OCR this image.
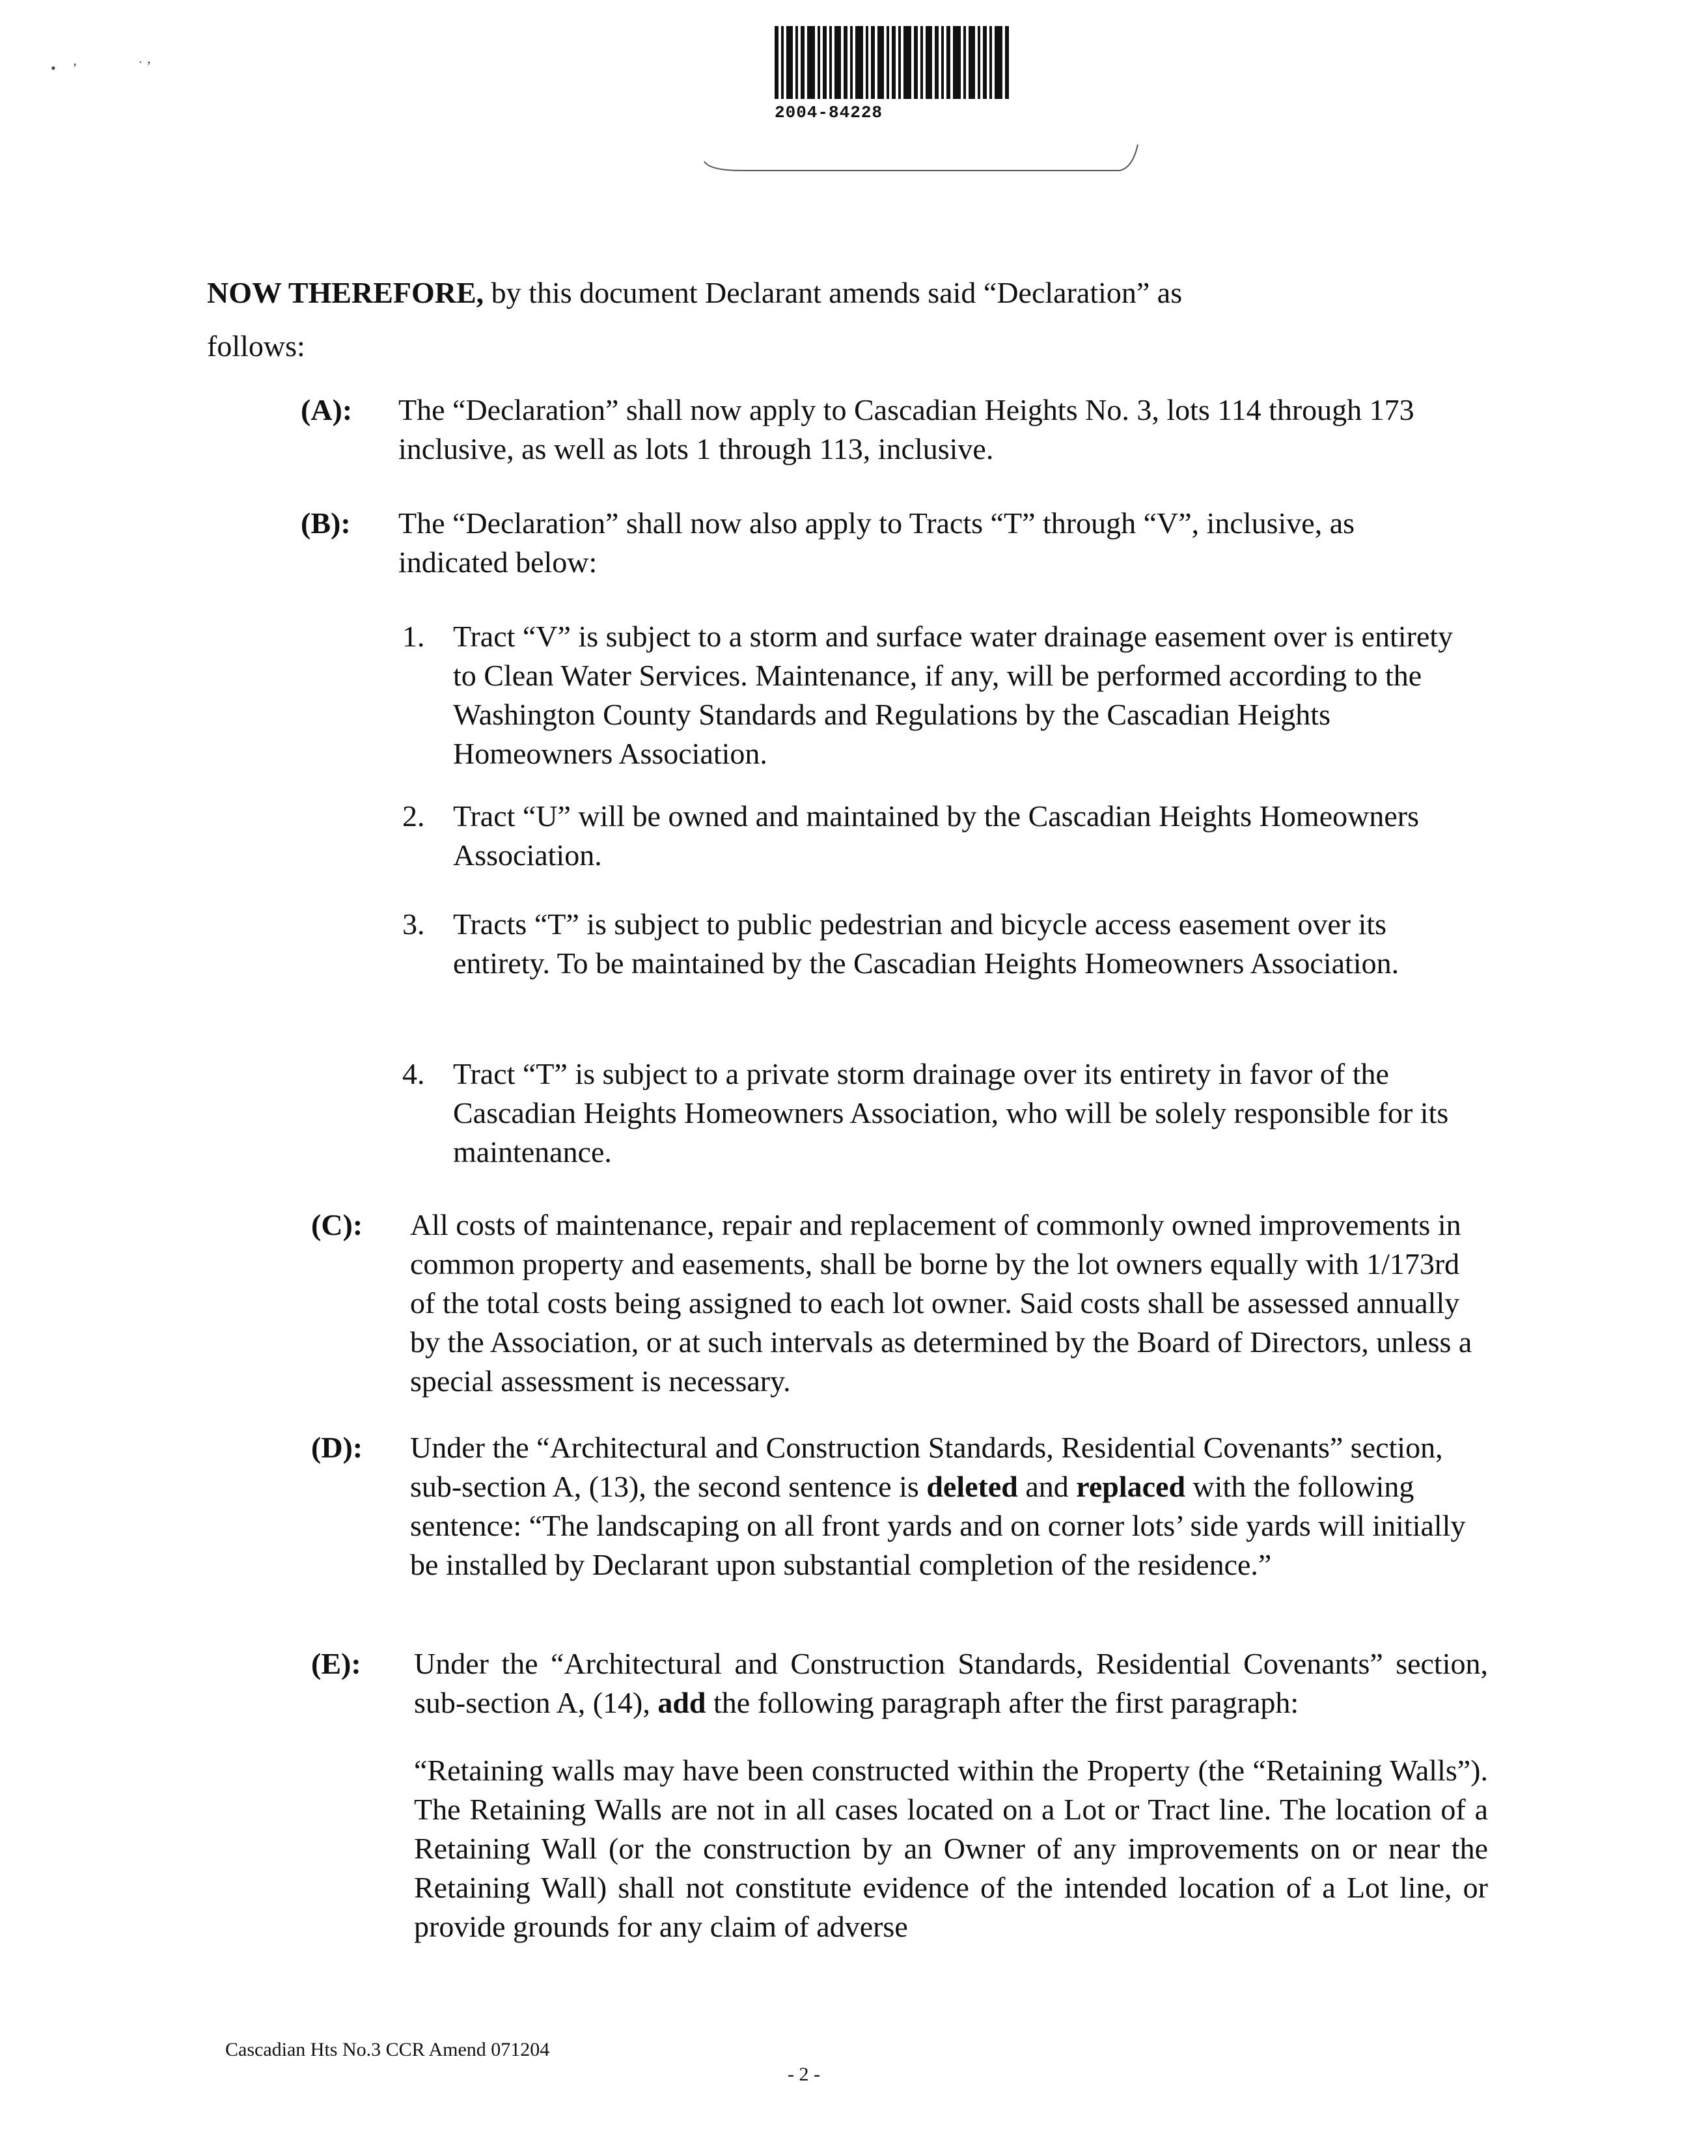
• ’	˙ ’
2004-84228
NOW THEREFORE, by this document Declarant amends said “Declaration” as
follows:
(A): The “Declaration” shall now apply to Cascadian Heights No. 3, lots 114 through 173 inclusive, as well as lots 1 through 113, inclusive.
(B): The “Declaration” shall now also apply to Tracts “T” through “V”, inclusive, as indicated below:
1. Tract “V” is subject to a storm and surface water drainage easement over is entirety to Clean Water Services. Maintenance, if any, will be performed according to the Washington County Standards and Regulations by the Cascadian Heights Homeowners Association.
2. Tract “U” will be owned and maintained by the Cascadian Heights Homeowners Association.
3. Tracts “T” is subject to public pedestrian and bicycle access easement over its entirety. To be maintained by the Cascadian Heights Homeowners Association.
4. Tract “T” is subject to a private storm drainage over its entirety in favor of the Cascadian Heights Homeowners Association, who will be solely responsible for its maintenance.
(C): All costs of maintenance, repair and replacement of commonly owned improvements in common property and easements, shall be borne by the lot owners equally with 1/173rd of the total costs being assigned to each lot owner. Said costs shall be assessed annually by the Association, or at such intervals as determined by the Board of Directors, unless a special assessment is necessary.
(D): Under the “Architectural and Construction Standards, Residential Covenants” section, sub-section A, (13), the second sentence is deleted and replaced with the following sentence: “The landscaping on all front yards and on corner lots’ side yards will initially be installed by Declarant upon substantial completion of the residence.”
(E): Under the “Architectural and Construction Standards, Residential Covenants” section, sub-section A, (14), add the following paragraph after the first paragraph:
“Retaining walls may have been constructed within the Property (the “Retaining Walls”). The Retaining Walls are not in all cases located on a Lot or Tract line. The location of a Retaining Wall (or the construction by an Owner of any improvements on or near the Retaining Wall) shall not constitute evidence of the intended location of a Lot line, or provide grounds for any claim of adverse
Cascadian Hts No.3 CCR Amend 071204
- 2 -
